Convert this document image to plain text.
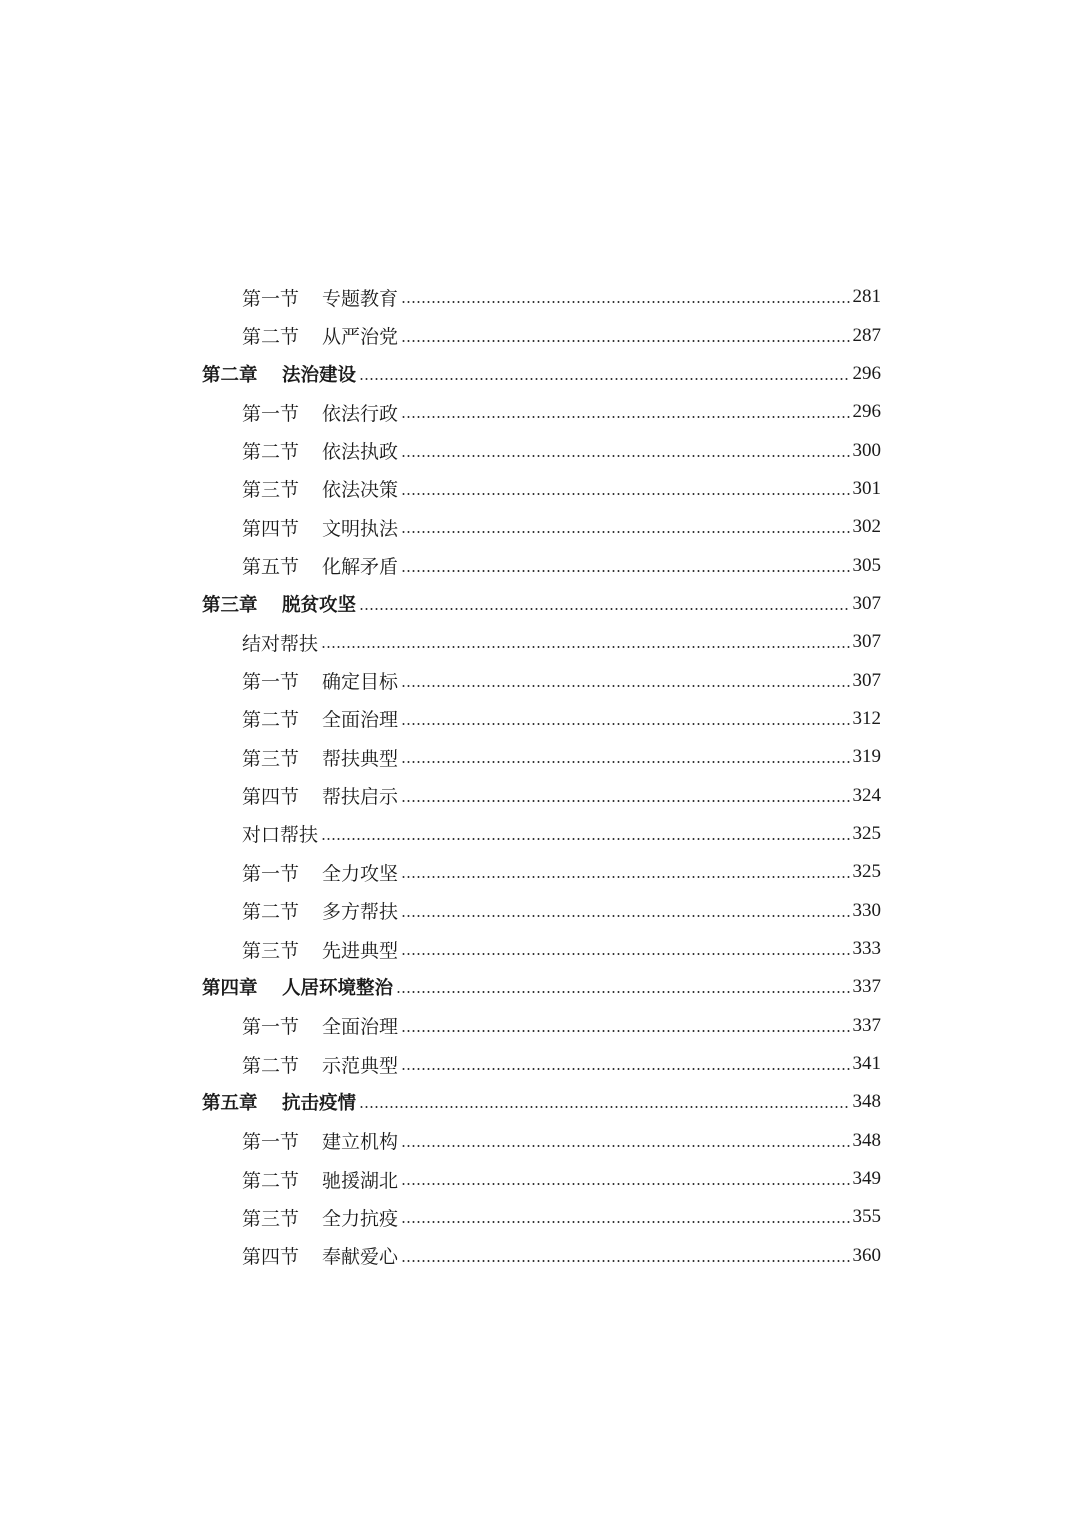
第一节	专题教育	281
第二节	从严治党	287
第二章	法治建设	296
第一节	依法行政	296
第二节	依法执政	300
第三节	依法决策	301
第四节	文明执法	302
第五节	化解矛盾	305
第三章	脱贫攻坚	307
结对帮扶	307
第一节	确定目标	307
第二节	全面治理	312
第三节	帮扶典型	319
第四节	帮扶启示	324
对口帮扶	325
第一节	全力攻坚	325
第二节	多方帮扶	330
第三节	先进典型	333
第四章	人居环境整治	337
第一节	全面治理	337
第二节	示范典型	341
第五章	抗击疫情	348
第一节	建立机构	348
第二节	驰援湖北	349
第三节	全力抗疫	355
第四节	奉献爱心	360
